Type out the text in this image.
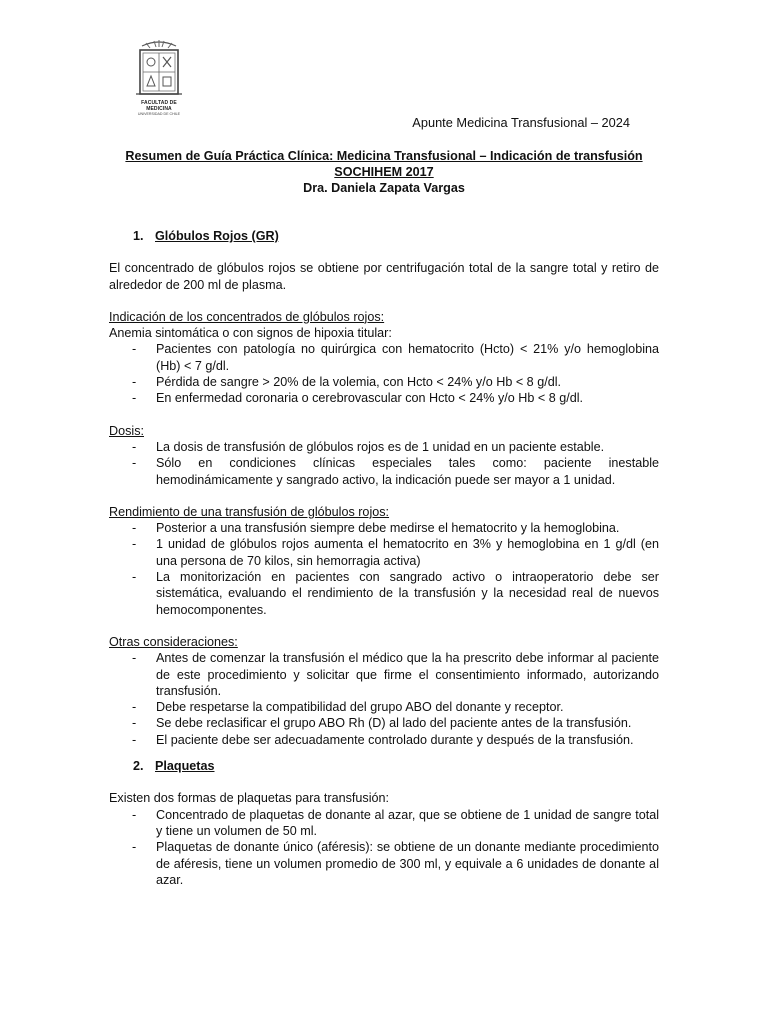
FACULTAD DE MEDICINA
UNIVERSIDAD DE CHILE
Apunte Medicina Transfusional – 2024
Resumen de Guía Práctica Clínica: Medicina Transfusional – Indicación de transfusión
SOCHIHEM 2017
Dra. Daniela Zapata Vargas
1. Glóbulos Rojos (GR)
El concentrado de glóbulos rojos se obtiene por centrifugación total de la sangre total y retiro de alrededor de 200 ml de plasma.
Indicación de los concentrados de glóbulos rojos:
Anemia sintomática o con signos de hipoxia titular:
- Pacientes con patología no quirúrgica con hematocrito (Hcto) < 21% y/o hemoglobina (Hb) < 7 g/dl.
- Pérdida de sangre > 20% de la volemia, con Hcto < 24% y/o Hb < 8 g/dl.
- En enfermedad coronaria o cerebrovascular con Hcto < 24% y/o Hb < 8 g/dl.
Dosis:
- La dosis de transfusión de glóbulos rojos es de 1 unidad en un paciente estable.
- Sólo en condiciones clínicas especiales tales como: paciente inestable hemodinámicamente y sangrado activo, la indicación puede ser mayor a 1 unidad.
Rendimiento de una transfusión de glóbulos rojos:
- Posterior a una transfusión siempre debe medirse el hematocrito y la hemoglobina.
- 1 unidad de glóbulos rojos aumenta el hematocrito en 3% y hemoglobina en 1 g/dl (en una persona de 70 kilos, sin hemorragia activa)
- La monitorización en pacientes con sangrado activo o intraoperatorio debe ser sistemática, evaluando el rendimiento de la transfusión y la necesidad real de nuevos hemocomponentes.
Otras consideraciones:
- Antes de comenzar la transfusión el médico que la ha prescrito debe informar al paciente de este procedimiento y solicitar que firme el consentimiento informado, autorizando transfusión.
- Debe respetarse la compatibilidad del grupo ABO del donante y receptor.
- Se debe reclasificar el grupo ABO Rh (D) al lado del paciente antes de la transfusión.
- El paciente debe ser adecuadamente controlado durante y después de la transfusión.
2. Plaquetas
Existen dos formas de plaquetas para transfusión:
- Concentrado de plaquetas de donante al azar, que se obtiene de 1 unidad de sangre total y tiene un volumen de 50 ml.
- Plaquetas de donante único (aféresis): se obtiene de un donante mediante procedimiento de aféresis, tiene un volumen promedio de 300 ml, y equivale a 6 unidades de donante al azar.
